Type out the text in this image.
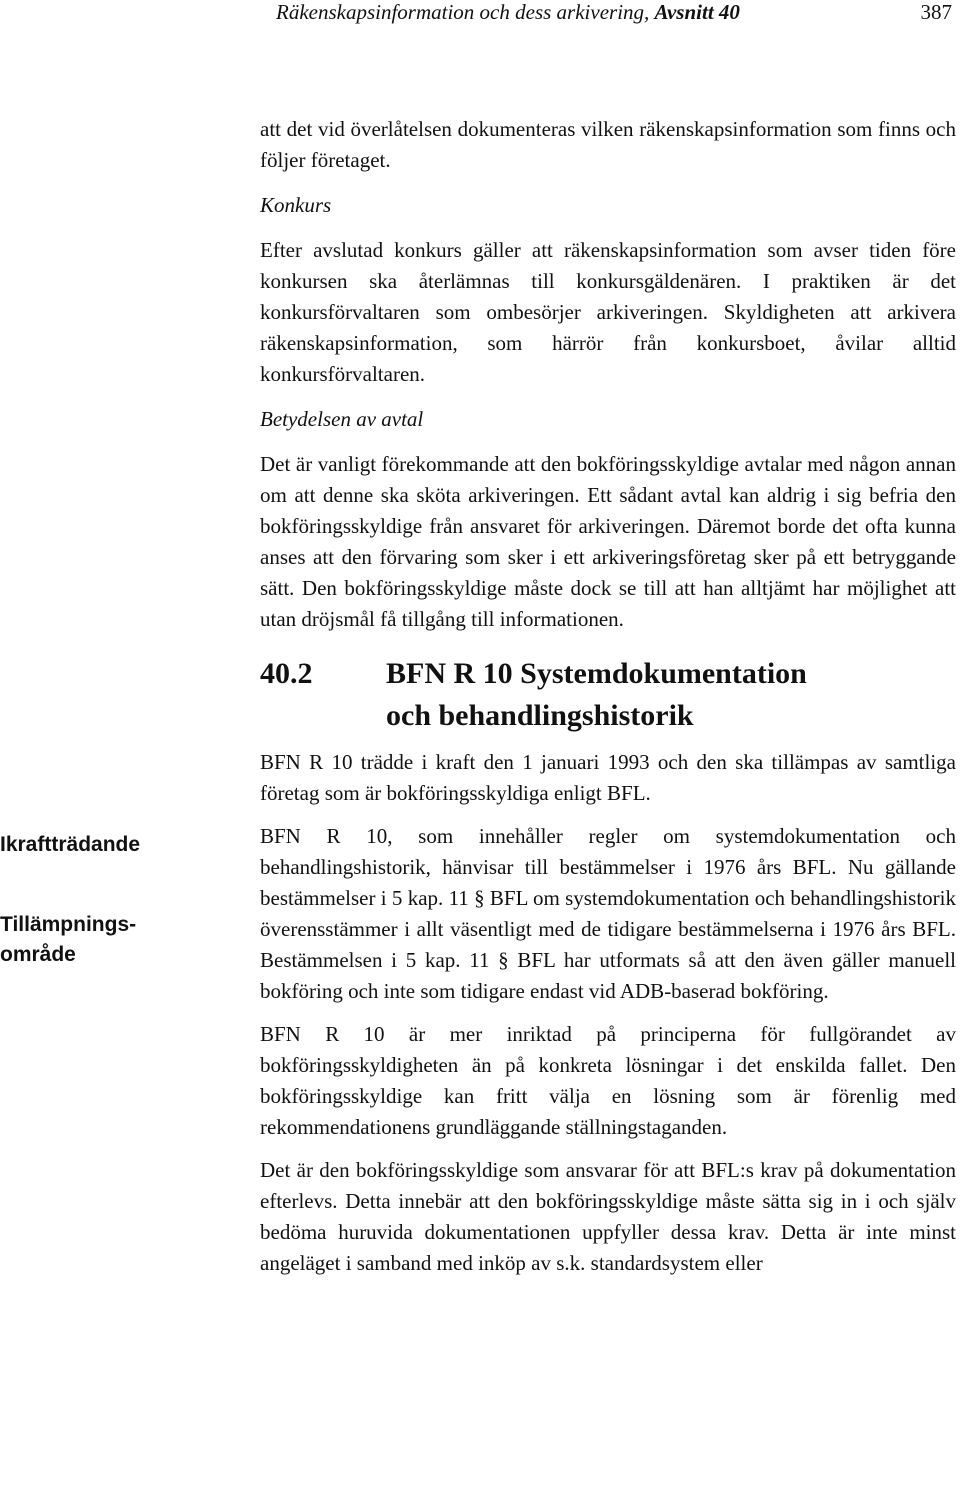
Räkenskapsinformation och dess arkivering, Avsnitt 40	387
Ikraftträdande
Tillämpnings-
område

att det vid överlåtelsen dokumenteras vilken räkenskapsinformation som finns och följer företaget.

Konkurs

Efter avslutad konkurs gäller att räkenskapsinformation som avser tiden före konkursen ska återlämnas till konkursgäldenären. I praktiken är det konkursförvaltaren som ombesörjer arkiveringen. Skyldigheten att arkivera räkenskapsinformation, som härrör från konkursboet, åvilar alltid konkursförvaltaren.

Betydelsen av avtal

Det är vanligt förekommande att den bokföringsskyldige avtalar med någon annan om att denne ska sköta arkiveringen. Ett sådant avtal kan aldrig i sig befria den bokföringsskyldige från ansvaret för arkiveringen. Däremot borde det ofta kunna anses att den förvaring som sker i ett arkiveringsföretag sker på ett betryggande sätt. Den bokföringsskyldige måste dock se till att han alltjämt har möjlighet att utan dröjsmål få tillgång till informationen.

40.2	BFN R 10 Systemdokumentation
och behandlingshistorik

BFN R 10 trädde i kraft den 1 januari 1993 och den ska tillämpas av samtliga företag som är bokföringsskyldiga enligt BFL.

BFN R 10, som innehåller regler om systemdokumentation och behandlingshistorik, hänvisar till bestämmelser i 1976 års BFL. Nu gällande bestämmelser i 5 kap. 11 § BFL om systemdokumentation och behandlingshistorik överensstämmer i allt väsentligt med de tidigare bestämmelserna i 1976 års BFL. Bestämmelsen i 5 kap. 11 § BFL har utformats så att den även gäller manuell bokföring och inte som tidigare endast vid ADB-baserad bokföring.

BFN R 10 är mer inriktad på principerna för fullgörandet av bokföringsskyldigheten än på konkreta lösningar i det enskilda fallet. Den bokföringsskyldige kan fritt välja en lösning som är förenlig med rekommendationens grundläggande ställningstaganden.

Det är den bokföringsskyldige som ansvarar för att BFL:s krav på dokumentation efterlevs. Detta innebär att den bokföringsskyldige måste sätta sig in i och själv bedöma huruvida dokumentationen uppfyller dessa krav. Detta är inte minst angeläget i samband med inköp av s.k. standardsystem eller
